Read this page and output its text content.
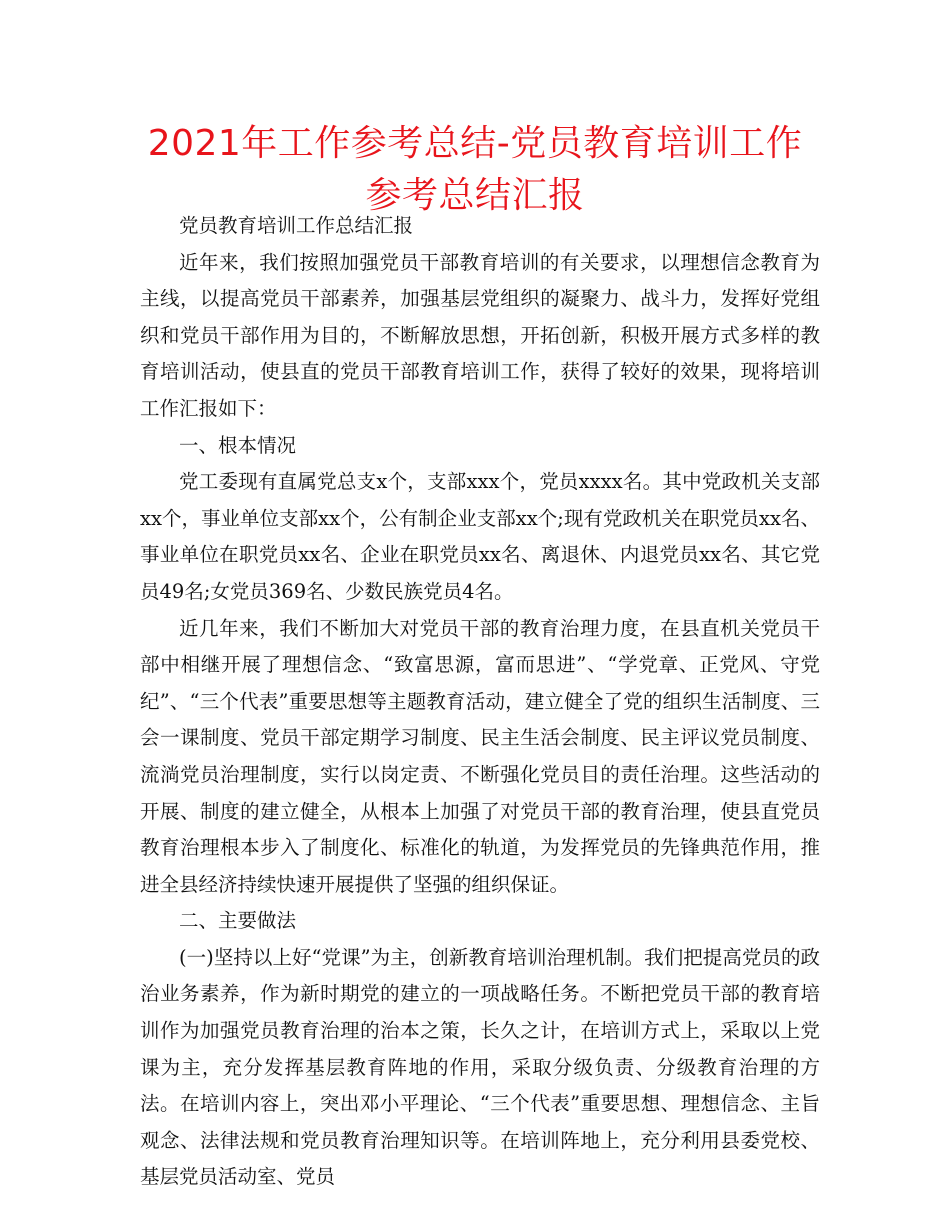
2021年工作参考总结-党员教育培训工作参考总结汇报

党员教育培训工作总结汇报

近年来，我们按照加强党员干部教育培训的有关要求，以理想信念教育为主线，以提高党员干部素养，加强基层党组织的凝聚力、战斗力，发挥好党组织和党员干部作用为目的，不断解放思想，开拓创新，积极开展方式多样的教育培训活动，使县直的党员干部教育培训工作，获得了较好的效果，现将培训工作汇报如下：

一、根本情况

党工委现有直属党总支x个，支部xxx个，党员xxxx名。其中党政机关支部xx个，事业单位支部xx个，公有制企业支部xx个;现有党政机关在职党员xx名、事业单位在职党员xx名、企业在职党员xx名、离退休、内退党员xx名、其它党员49名;女党员369名、少数民族党员4名。

近几年来，我们不断加大对党员干部的教育治理力度，在县直机关党员干部中相继开展了理想信念、“致富思源，富而思进”、“学党章、正党风、守党纪”、“三个代表”重要思想等主题教育活动，建立健全了党的组织生活制度、三会一课制度、党员干部定期学习制度、民主生活会制度、民主评议党员制度、流淌党员治理制度，实行以岗定责、不断强化党员目的责任治理。这些活动的开展、制度的建立健全，从根本上加强了对党员干部的教育治理，使县直党员教育治理根本步入了制度化、标准化的轨道，为发挥党员的先锋典范作用，推进全县经济持续快速开展提供了坚强的组织保证。

二、主要做法

(一)坚持以上好“党课”为主，创新教育培训治理机制。我们把提高党员的政治业务素养，作为新时期党的建立的一项战略任务。不断把党员干部的教育培训作为加强党员教育治理的治本之策，长久之计，在培训方式上，采取以上党课为主，充分发挥基层教育阵地的作用，采取分级负责、分级教育治理的方法。在培训内容上，突出邓小平理论、“三个代表”重要思想、理想信念、主旨观念、法律法规和党员教育治理知识等。在培训阵地上，充分利用县委党校、基层党员活动室、党员
